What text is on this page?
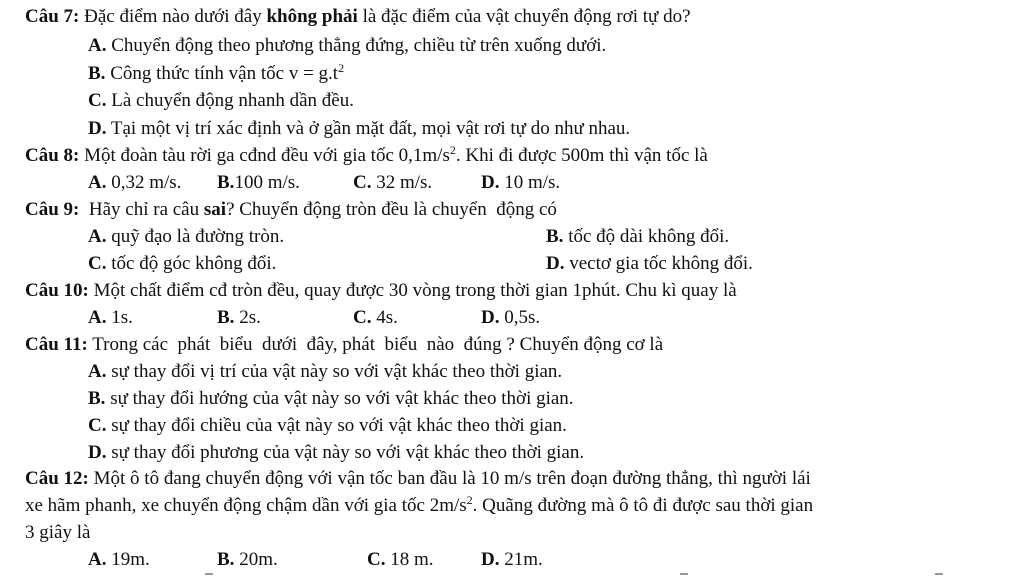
Câu 7: Đặc điểm nào dưới đây không phải là đặc điểm của vật chuyển động rơi tự do?
A. Chuyển động theo phương thẳng đứng, chiều từ trên xuống dưới.
B. Công thức tính vận tốc $v = g.t^2$
C. Là chuyển động nhanh dần đều.
D. Tại một vị trí xác định và ở gần mặt đất, mọi vật rơi tự do như nhau.
Câu 8: Một đoàn tàu rời ga cđnd đều với gia tốc $0,1m/s^2$. Khi đi được 500m thì vận tốc là
A. 0,32 m/s. B.100 m/s.	C. 32 m/s.	D. 10 m/s.
Câu 9:  Hãy chỉ ra câu sai? Chuyển động tròn đều là chuyển  động có
A. quỹ đạo là đường tròn.	B. tốc độ dài không đổi.
C. tốc độ góc không đổi.	D. vectơ gia tốc không đổi.
Câu 10: Một chất điểm cđ tròn đều, quay được 30 vòng trong thời gian 1phút. Chu kì quay là
A. 1s.	B. 2s.	C. 4s.	D. 0,5s.
Câu 11: Trong các  phát  biểu  dưới  đây, phát  biểu  nào  đúng ? Chuyển động cơ là
A. sự thay đổi vị trí của vật này so với vật khác theo thời gian.
B. sự thay đổi hướng của vật này so với vật khác theo thời gian.
C. sự thay đổi chiều của vật này so với vật khác theo thời gian.
D. sự thay đổi phương của vật này so với vật khác theo thời gian.
Câu 12: Một ô tô đang chuyển động với vận tốc ban đầu là 10 m/s trên đoạn đường thẳng, thì người lái
xe hãm phanh, xe chuyển động chậm dần với gia tốc $2m/s^2$. Quãng đường mà ô tô đi được sau thời gian
3 giây là
A. 19m.	B. 20m.	C. 18 m. D. 21m.
